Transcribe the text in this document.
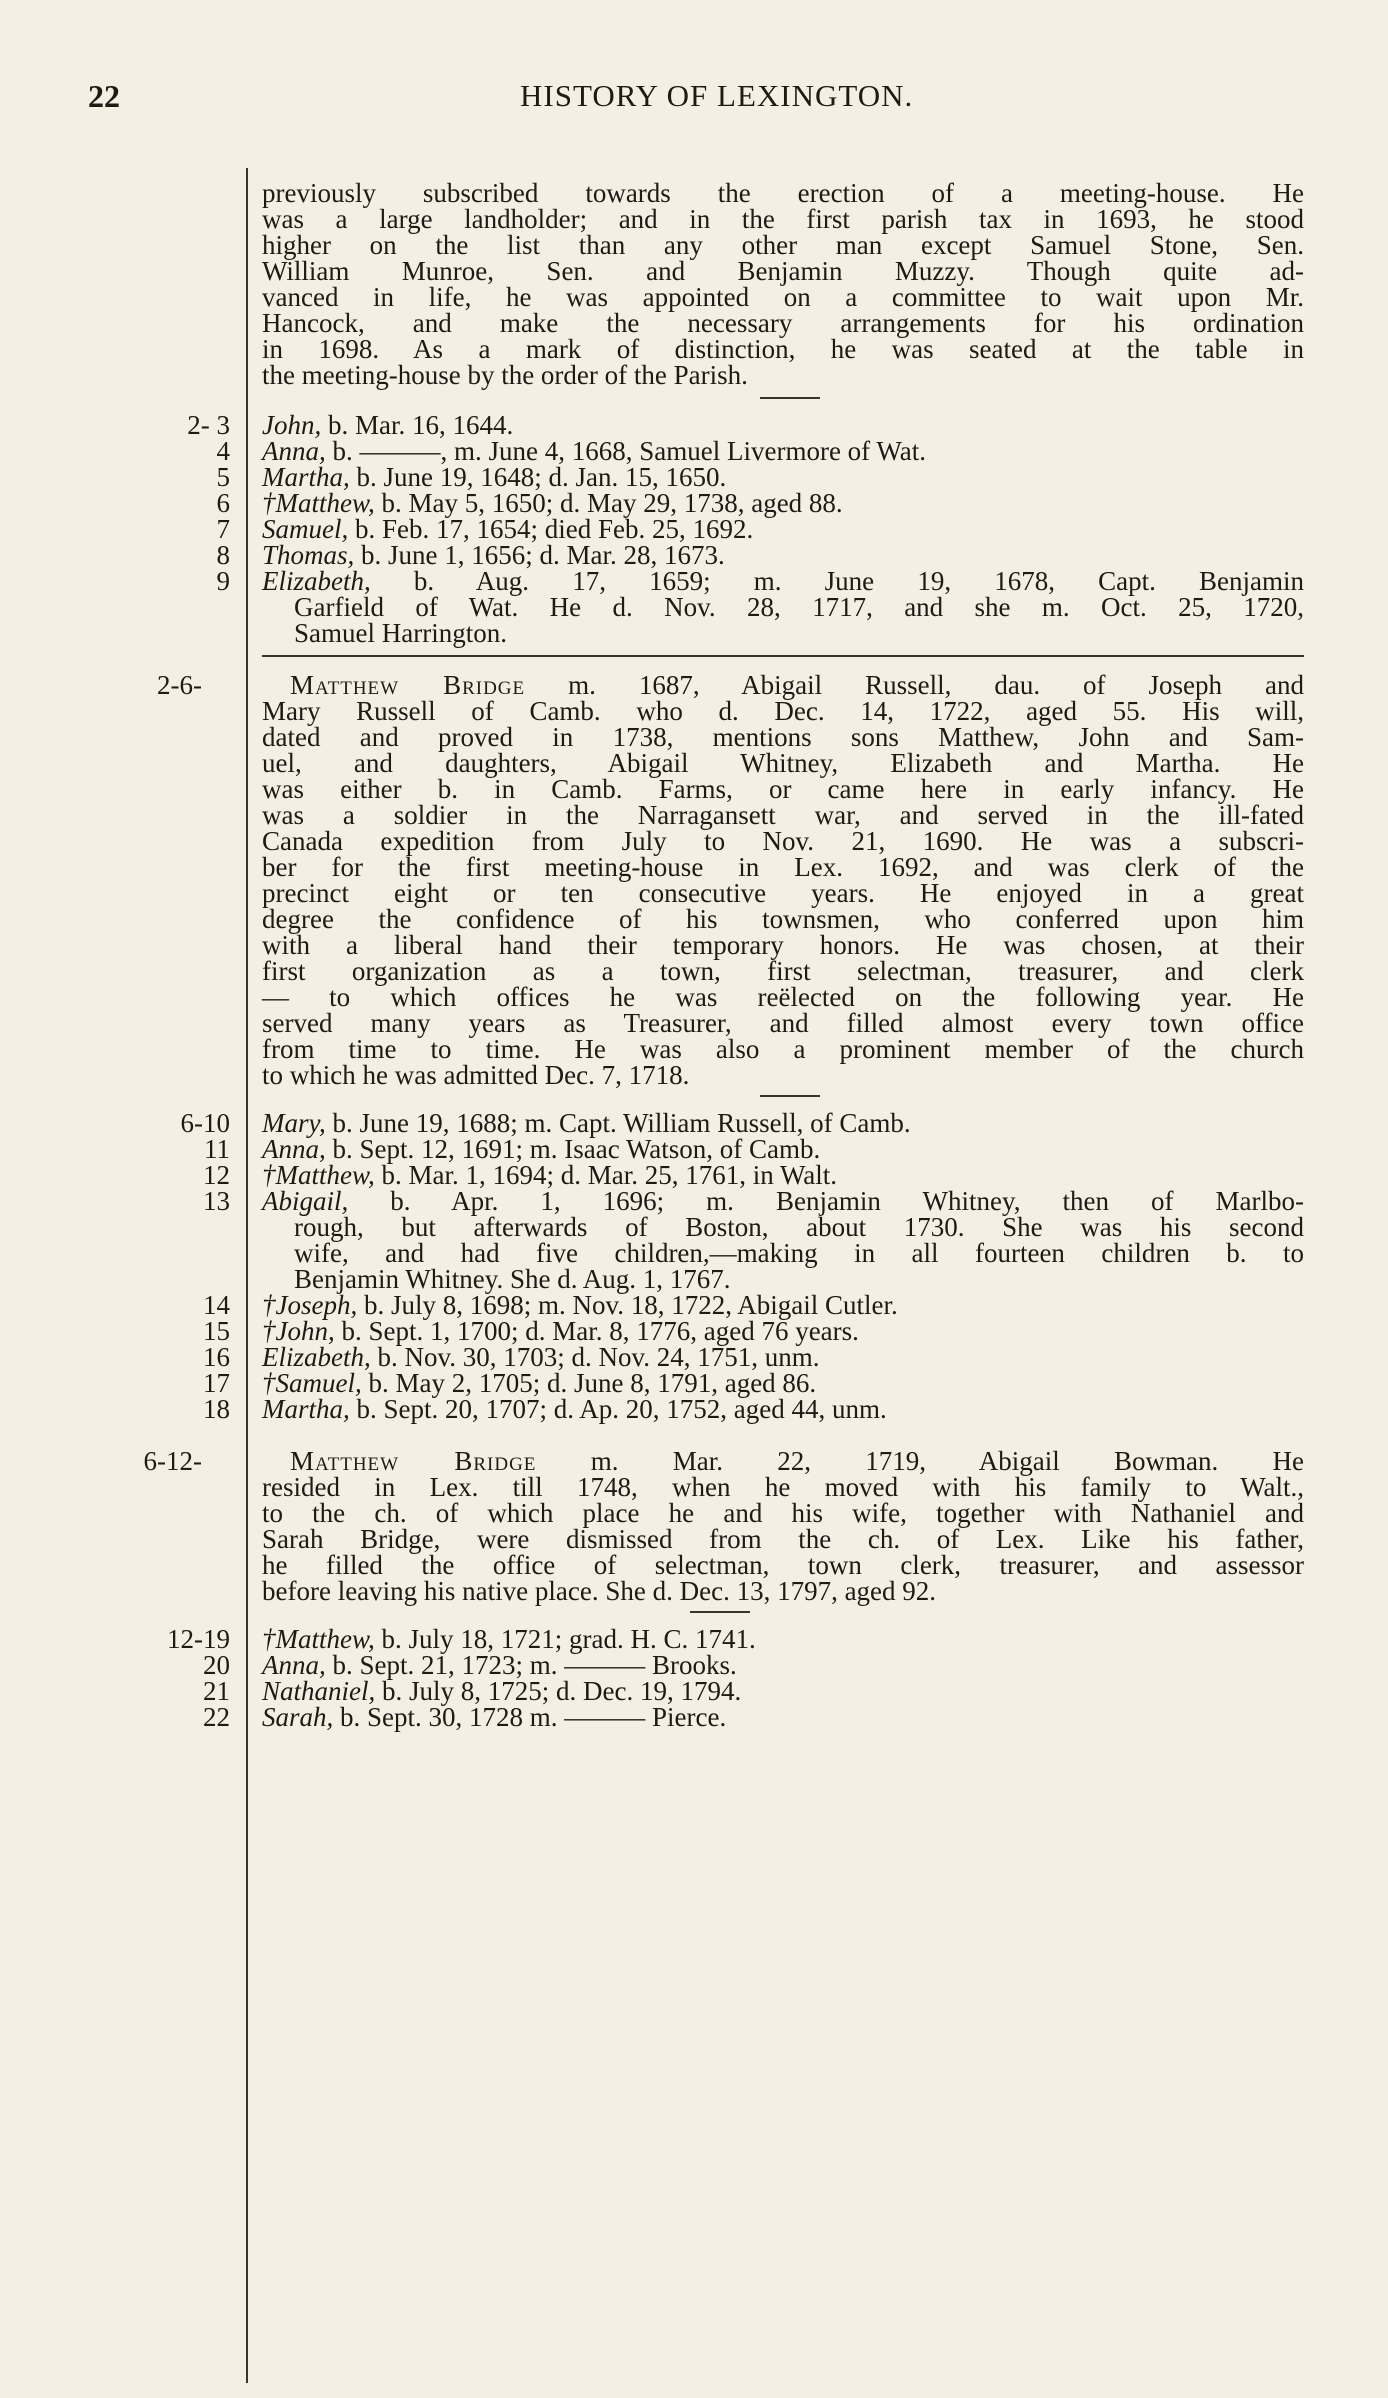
22	HISTORY OF LEXINGTON.
previously subscribed towards the erection of a meeting-house. He
was a large landholder; and in the first parish tax in 1693, he stood
higher on the list than any other man except Samuel Stone, Sen.
William Munroe, Sen. and Benjamin Muzzy. Though quite ad-
vanced in life, he was appointed on a committee to wait upon Mr.
Hancock, and make the necessary arrangements for his ordination
in 1698. As a mark of distinction, he was seated at the table in
the meeting-house by the order of the Parish.
2- 3 John, b. Mar. 16, 1644.
4 Anna, b. ———, m. June 4, 1668, Samuel Livermore of Wat.
5 Martha, b. June 19, 1648; d. Jan. 15, 1650.
6 †Matthew, b. May 5, 1650; d. May 29, 1738, aged 88.
7 Samuel, b. Feb. 17, 1654; died Feb. 25, 1692.
8 Thomas, b. June 1, 1656; d. Mar. 28, 1673.
9 Elizabeth, b. Aug. 17, 1659; m. June 19, 1678, Capt. Benjamin
Garfield of Wat. He d. Nov. 28, 1717, and she m. Oct. 25, 1720,
Samuel Harrington.
2-6-	Matthew Bridge m. 1687, Abigail Russell, dau. of Joseph and
Mary Russell of Camb. who d. Dec. 14, 1722, aged 55. His will,
dated and proved in 1738, mentions sons Matthew, John and Sam-
uel, and daughters, Abigail Whitney, Elizabeth and Martha. He
was either b. in Camb. Farms, or came here in early infancy. He
was a soldier in the Narragansett war, and served in the ill-fated
Canada expedition from July to Nov. 21, 1690. He was a subscri-
ber for the first meeting-house in Lex. 1692, and was clerk of the
precinct eight or ten consecutive years. He enjoyed in a great
degree the confidence of his townsmen, who conferred upon him
with a liberal hand their temporary honors. He was chosen, at their
first organization as a town, first selectman, treasurer, and clerk
— to which offices he was reëlected on the following year. He
served many years as Treasurer, and filled almost every town office
from time to time. He was also a prominent member of the church
to which he was admitted Dec. 7, 1718.
6-10 Mary, b. June 19, 1688; m. Capt. William Russell, of Camb.
11 Anna, b. Sept. 12, 1691; m. Isaac Watson, of Camb.
12 †Matthew, b. Mar. 1, 1694; d. Mar. 25, 1761, in Walt.
13 Abigail, b. Apr. 1, 1696; m. Benjamin Whitney, then of Marlbo-
rough, but afterwards of Boston, about 1730. She was his second
wife, and had five children,—making in all fourteen children b. to
Benjamin Whitney. She d. Aug. 1, 1767.
14 †Joseph, b. July 8, 1698; m. Nov. 18, 1722, Abigail Cutler.
15 †John, b. Sept. 1, 1700; d. Mar. 8, 1776, aged 76 years.
16 Elizabeth, b. Nov. 30, 1703; d. Nov. 24, 1751, unm.
17 †Samuel, b. May 2, 1705; d. June 8, 1791, aged 86.
18 Martha, b. Sept. 20, 1707; d. Ap. 20, 1752, aged 44, unm.
6-12-	Matthew Bridge m. Mar. 22, 1719, Abigail Bowman. He
resided in Lex. till 1748, when he moved with his family to Walt.,
to the ch. of which place he and his wife, together with Nathaniel and
Sarah Bridge, were dismissed from the ch. of Lex. Like his father,
he filled the office of selectman, town clerk, treasurer, and assessor
before leaving his native place. She d. Dec. 13, 1797, aged 92.
12-19 †Matthew, b. July 18, 1721; grad. H. C. 1741.
20 Anna, b. Sept. 21, 1723; m. ——— Brooks.
21 Nathaniel, b. July 8, 1725; d. Dec. 19, 1794.
22 Sarah, b. Sept. 30, 1728 m. ——— Pierce.
